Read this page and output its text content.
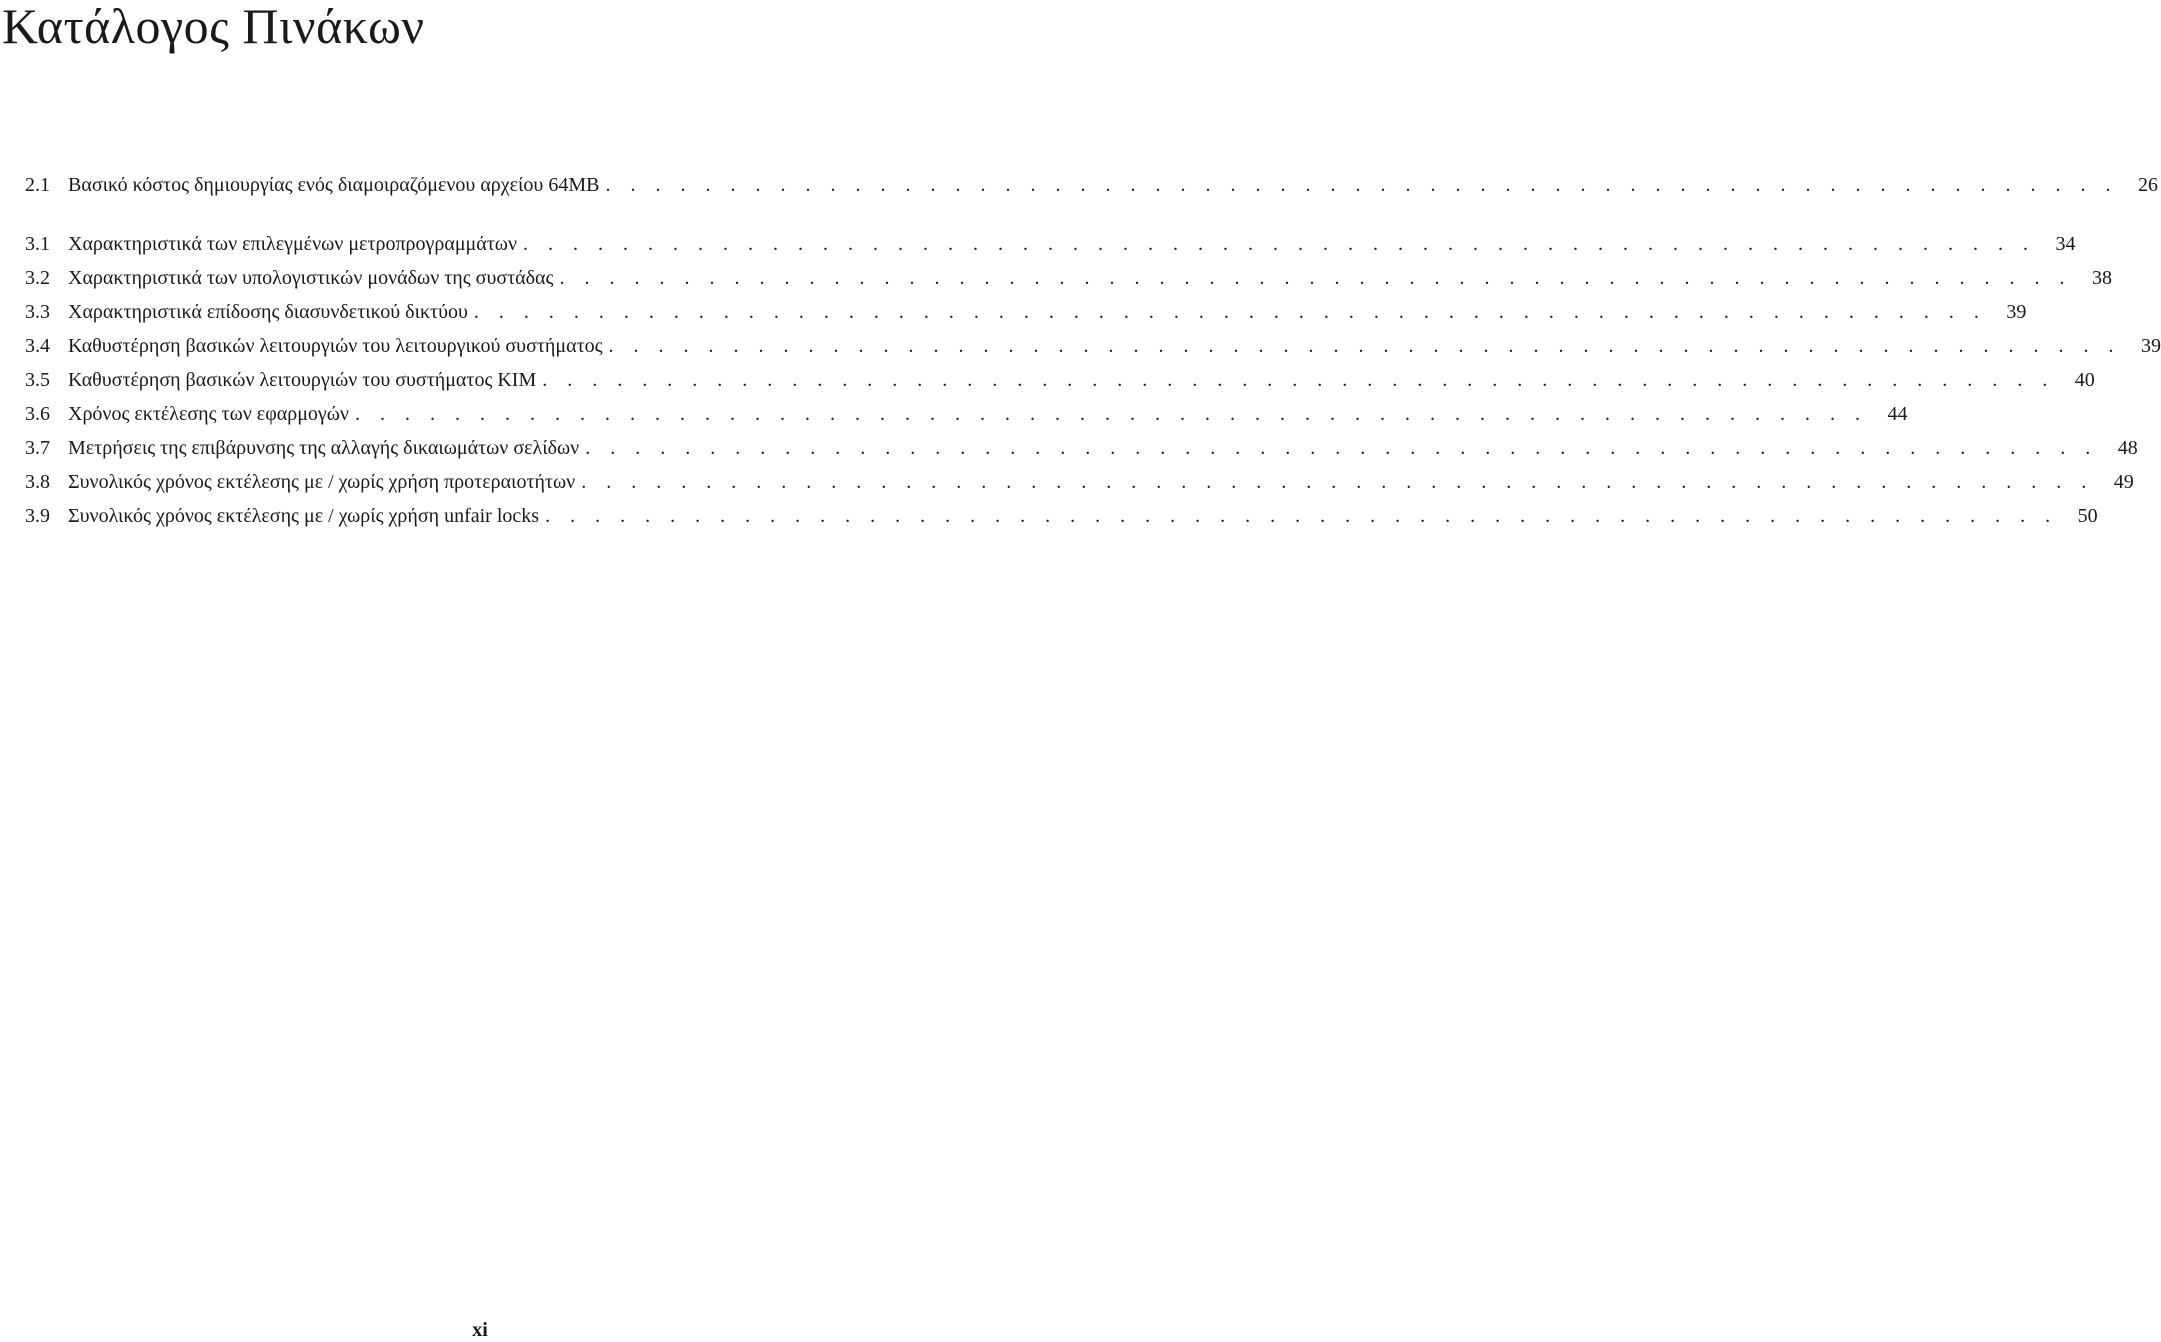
Κατάλογος Πινάκων
2.1 Βασικό κόστος δημιουργίας ενός διαμοιραζόμενου αρχείου 64MB . . . . . . . . . . . . . . . . . . . . . . . . . . . . . . . . . . . . . . . . . . . . . . . . . . . . . . . . . . . . .	26
3.1 Χαρακτηριστικά των επιλεγμένων μετροπρογραμμάτων . . . . . . . . . . . . . . . . . . . . . . . . . . . . . . . . . . . . . . . . . . . . . . . . . . . . . . . . . . . . .	34
3.2 Χαρακτηριστικά των υπολογιστικών μονάδων της συστάδας . . . . . . . . . . . . . . . . . . . . . . . . . . . . . . . . . . . . . . . . . . . . . . . . . . . . . . . . . . . . .	38
3.3 Χαρακτηριστικά επίδοσης διασυνδετικού δικτύου . . . . . . . . . . . . . . . . . . . . . . . . . . . . . . . . . . . . . . . . . . . . . . . . . . . . . . . . . . . . .	39
3.4 Καθυστέρηση βασικών λειτουργιών του λειτουργικού συστήματος . . . . . . . . . . . . . . . . . . . . . . . . . . . . . . . . . . . . . . . . . . . . . . . . . . . . . . . . . . . . .	39
3.5 Καθυστέρηση βασικών λειτουργιών του συστήματος KIM . . . . . . . . . . . . . . . . . . . . . . . . . . . . . . . . . . . . . . . . . . . . . . . . . . . . . . . . . . . . .	40
3.6 Χρόνος εκτέλεσης των εφαρμογών . . . . . . . . . . . . . . . . . . . . . . . . . . . . . . . . . . . . . . . . . . . . . . . . . . . . . . . . . . . . .	44
3.7 Μετρήσεις της επιβάρυνσης της αλλαγής δικαιωμάτων σελίδων . . . . . . . . . . . . . . . . . . . . . . . . . . . . . . . . . . . . . . . . . . . . . . . . . . . . . . . . . . . . .	48
3.8 Συνολικός χρόνος εκτέλεσης με / χωρίς χρήση προτεραιοτήτων . . . . . . . . . . . . . . . . . . . . . . . . . . . . . . . . . . . . . . . . . . . . . . . . . . . . . . . . . . . . .	49
3.9 Συνολικός χρόνος εκτέλεσης με / χωρίς χρήση unfair locks . . . . . . . . . . . . . . . . . . . . . . . . . . . . . . . . . . . . . . . . . . . . . . . . . . . . . . . . . . . . .	50
xi
